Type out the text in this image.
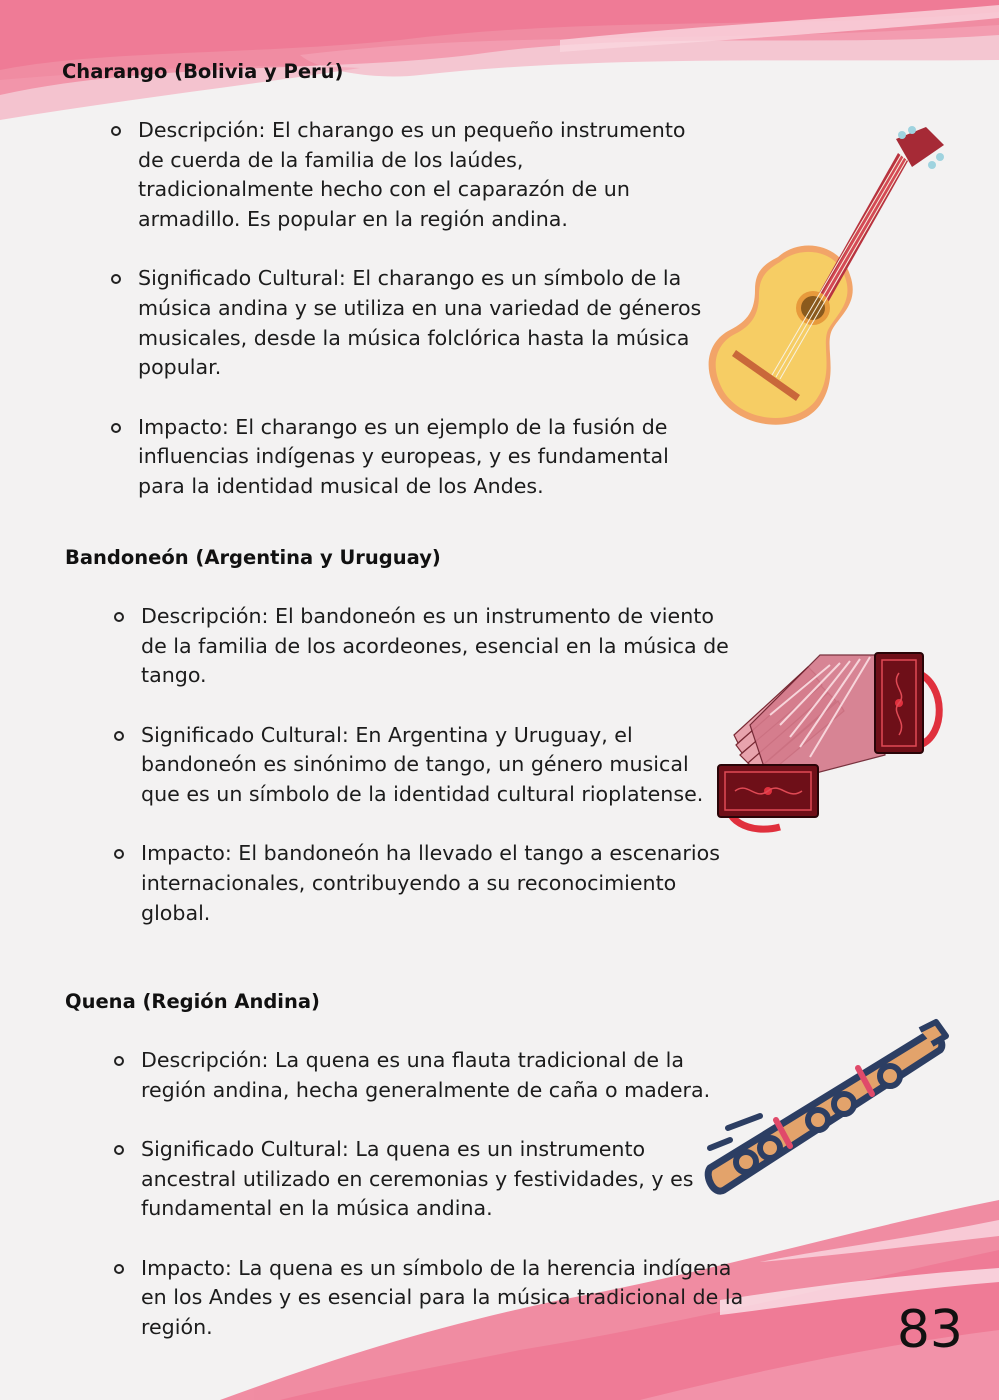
Charango (Bolivia y Perú)
Descripción: El charango es un pequeño instrumento
de cuerda de la familia de los laúdes,
tradicionalmente hecho con el caparazón de un
armadillo. Es popular en la región andina.
Significado Cultural: El charango es un símbolo de la
música andina y se utiliza en una variedad de géneros
musicales, desde la música folclórica hasta la música
popular.
Impacto: El charango es un ejemplo de la fusión de
influencias indígenas y europeas, y es fundamental
para la identidad musical de los Andes.
Bandoneón (Argentina y Uruguay)
Descripción: El bandoneón es un instrumento de viento
de la familia de los acordeones, esencial en la música de
tango.
Significado Cultural: En Argentina y Uruguay, el
bandoneón es sinónimo de tango, un género musical
que es un símbolo de la identidad cultural rioplatense.
Impacto: El bandoneón ha llevado el tango a escenarios
internacionales, contribuyendo a su reconocimiento
global.
Quena (Región Andina)
Descripción: La quena es una flauta tradicional de la
región andina, hecha generalmente de caña o madera.
Significado Cultural: La quena es un instrumento
ancestral utilizado en ceremonias y festividades, y es
fundamental en la música andina.
Impacto: La quena es un símbolo de la herencia indígena
en los Andes y es esencial para la música tradicional de la
región.	83
